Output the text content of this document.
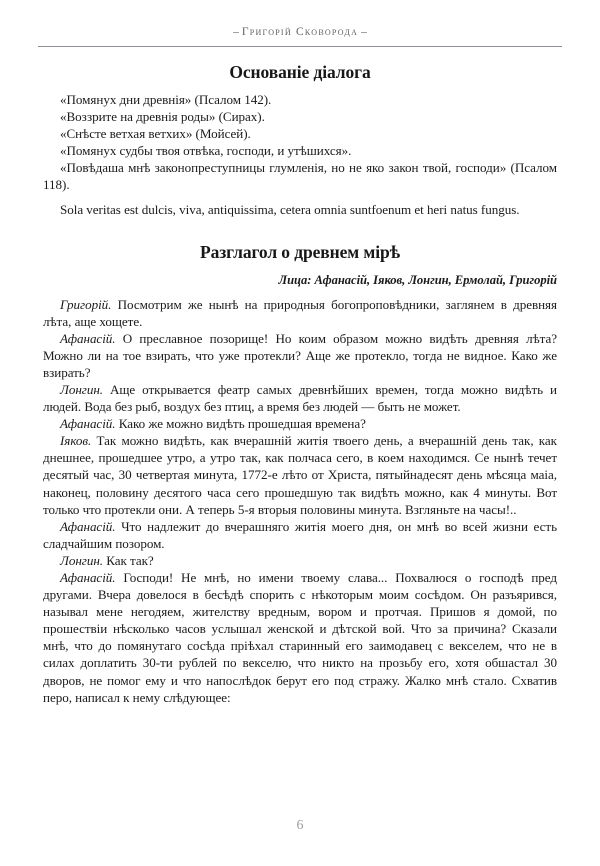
– Григорій Сковорода –
Основаніе діалога

«Помянух дни древнія» (Псалом 142).

«Воззрите на древнія роды» (Сирах).

«Снѣсте ветхая ветхих» (Мойсей).

«Помянух судбы твоя отвѣка, господи, и утѣшихся».

«Повѣдаша мнѣ законопреступницы глумленія, но не яко закон твой, господи» (Псалом 118).

Sola veritas est dulcis, viva, antiquissima, cetera omnia suntfoenum et heri natus fungus.

Разглагол о древнем мірѣ

Лица: Афанасій, Іяков, Лонгин, Ермолай, Григорій

Григорій. Посмотрим же нынѣ на природныя богопроповѣдники, заглянем в древняя лѣта, аще хощете.

Афанасій. О преславное позорище! Но коим образом можно видѣть древняя лѣта? Можно ли на тое взирать, что уже протекли? Аще же протекло, тогда не видное. Како же взирать?

Лонгин. Аще открывается феатр самых древнѣйших времен, тогда можно видѣть и людей. Вода без рыб, воздух без птиц, а время без людей — быть не может.

Афанасій. Како же можно видѣть прошедшая времена?

Іяков. Так можно видѣть, как вчерашній житія твоего день, а вчерашній день так, как днешнее, прошедшее утро, а утро так, как полчаса сего, в коем находимся. Се нынѣ течет десятый час, 30 четвертая минута, 1772-е лѣто от Христа, пятыйнадесят день мѣсяца маіа, наконец, половину десятого часа сего прошедшую так видѣть можно, как 4 минуты. Вот только что протекли они. А теперь 5-я вторыя половины минута. Взгляньте на часы!..

Афанасій. Что надлежит до вчерашняго житія моего дня, он мнѣ во всей жизни есть сладчайшим позором.

Лонгин. Как так?

Афанасій. Господи! Не мнѣ, но имени твоему слава... Похвалюся о господѣ пред другами. Вчера довелося в бесѣдѣ спорить с нѣкоторым моим сосѣдом. Он разъярився, называл мене негодяем, жителству вредным, вором и протчая. Пришов я домой, по прошествіи нѣсколько часов услышал женской и дѣтской вой. Что за причина? Сказали мнѣ, что до помянутаго сосѣда пріѣхал старинный его заимодавец с векселем, что не в силах доплатить 30-ти рублей по векселю, что никто на прозьбу его, хотя обшастал 30 дворов, не помог ему и что напослѣдок берут его под стражу. Жалко мнѣ стало. Схватив перо, написал к нему слѣдующее:

6
